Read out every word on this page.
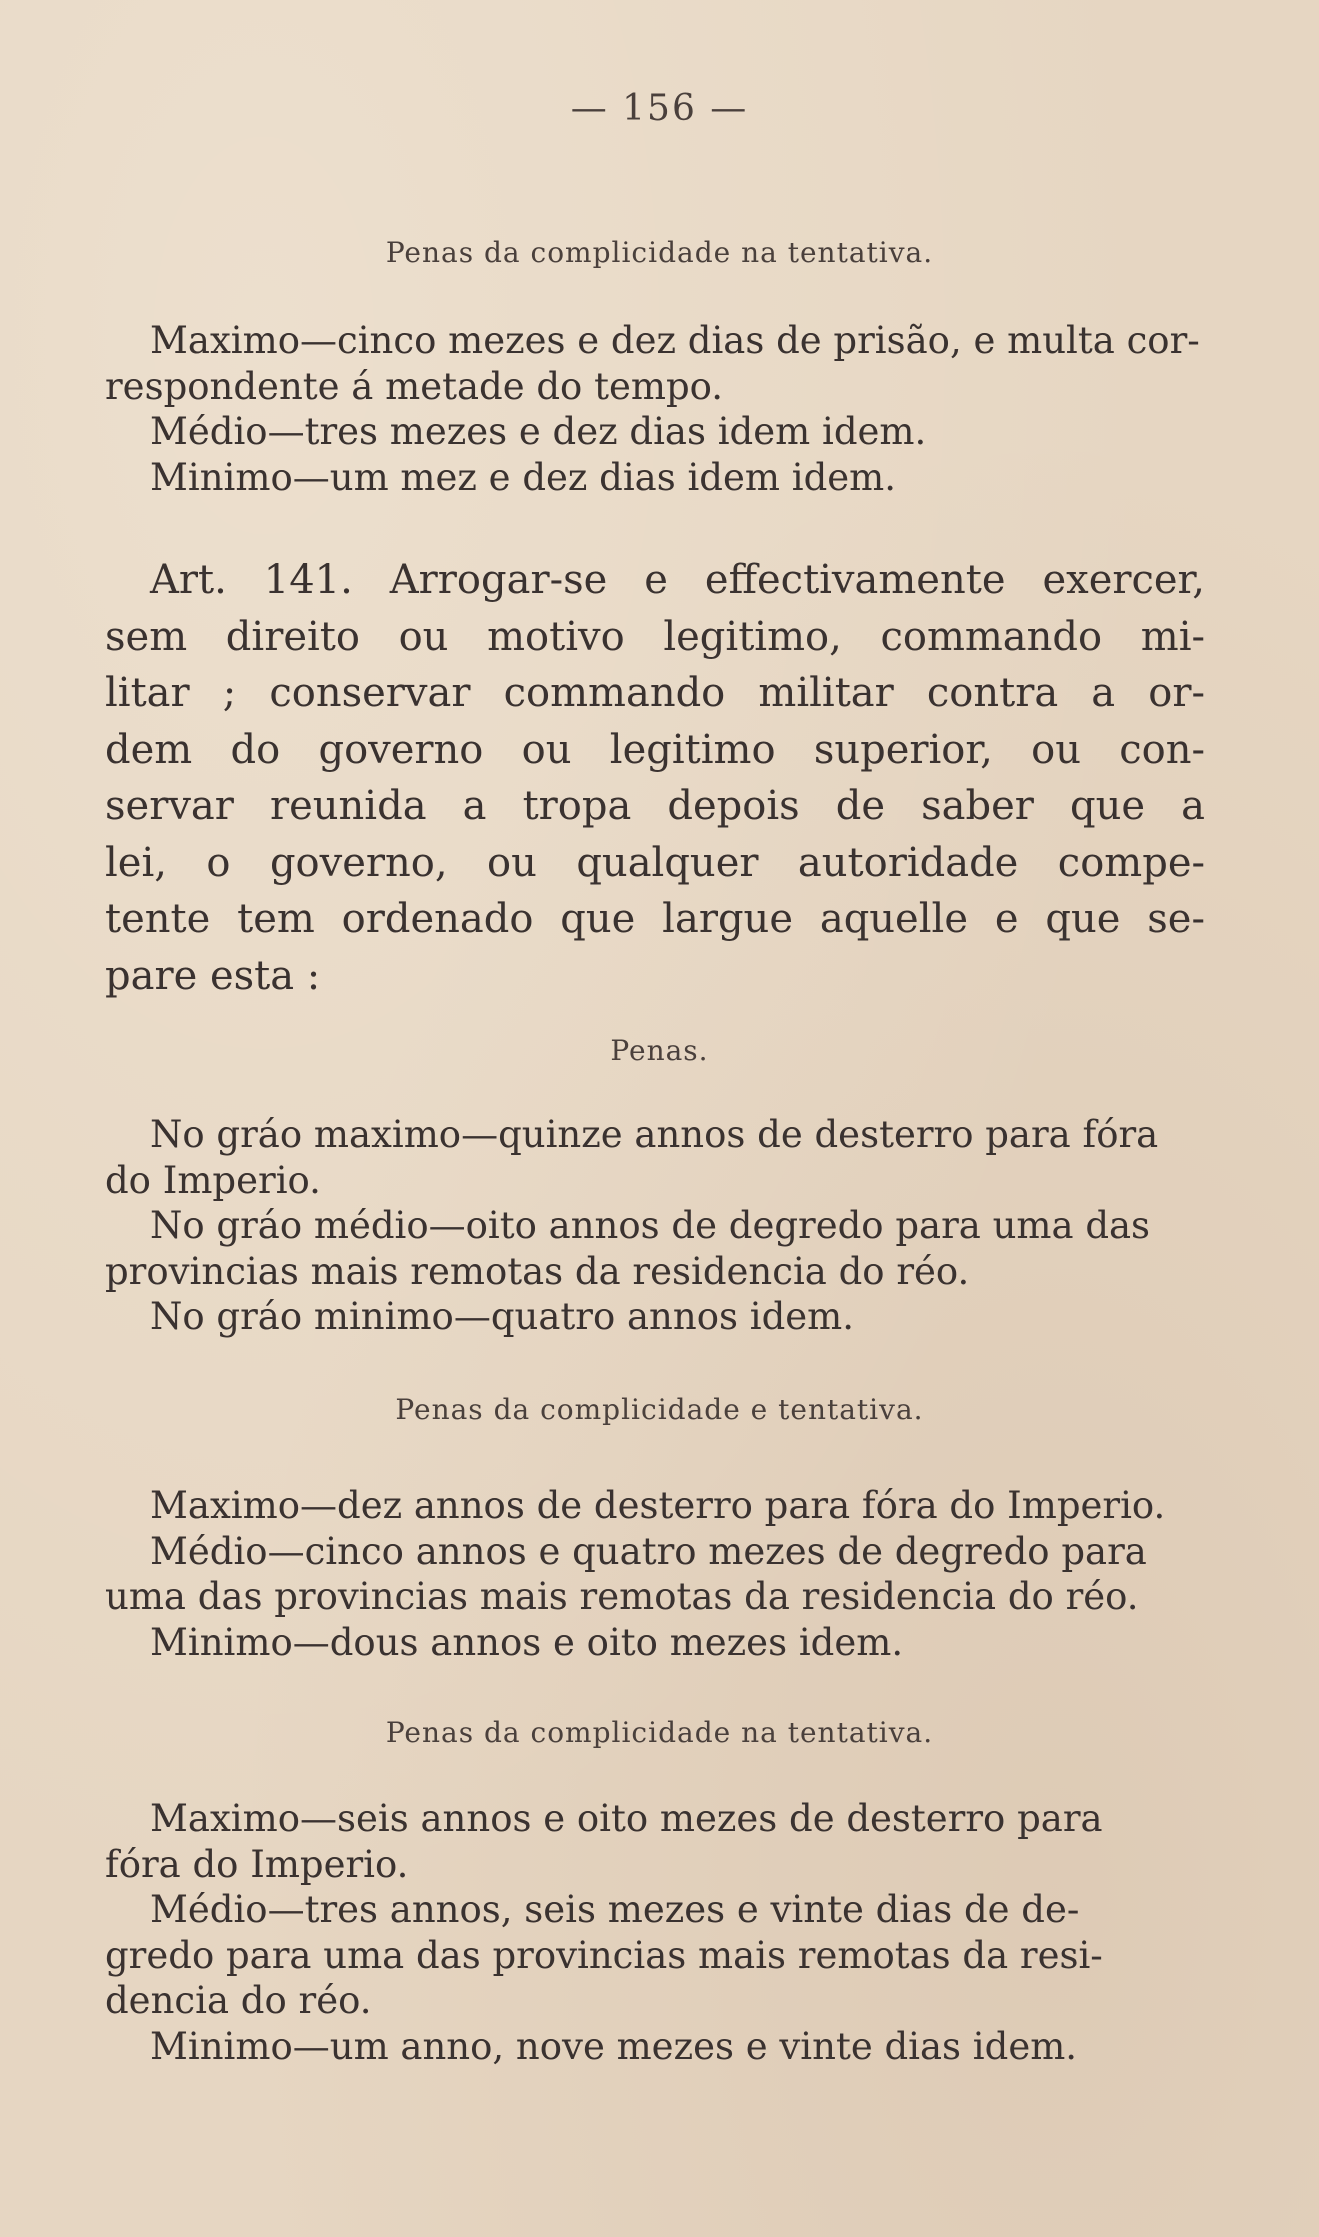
— 156 —
Penas da complicidade na tentativa.
Maximo—cinco mezes e dez dias de prisão, e multa cor-
respondente á metade do tempo.
Médio—tres mezes e dez dias idem idem.
Minimo—um mez e dez dias idem idem.
Art. 141. Arrogar-se e effectivamente exercer,
sem direito ou motivo legitimo, commando mi-
litar ; conservar commando militar contra a or-
dem do governo ou legitimo superior, ou con-
servar reunida a tropa depois de saber que a
lei, o governo, ou qualquer autoridade compe-
tente tem ordenado que largue aquelle e que se-
pare esta :
Penas.
No gráo maximo—quinze annos de desterro para fóra
do Imperio.
No gráo médio—oito annos de degredo para uma das
provincias mais remotas da residencia do réo.
No gráo minimo—quatro annos idem.
Penas da complicidade e tentativa.
Maximo—dez annos de desterro para fóra do Imperio.
Médio—cinco annos e quatro mezes de degredo para
uma das provincias mais remotas da residencia do réo.
Minimo—dous annos e oito mezes idem.
Penas da complicidade na tentativa.
Maximo—seis annos e oito mezes de desterro para
fóra do Imperio.
Médio—tres annos, seis mezes e vinte dias de de-
gredo para uma das provincias mais remotas da resi-
dencia do réo.
Minimo—um anno, nove mezes e vinte dias idem.
